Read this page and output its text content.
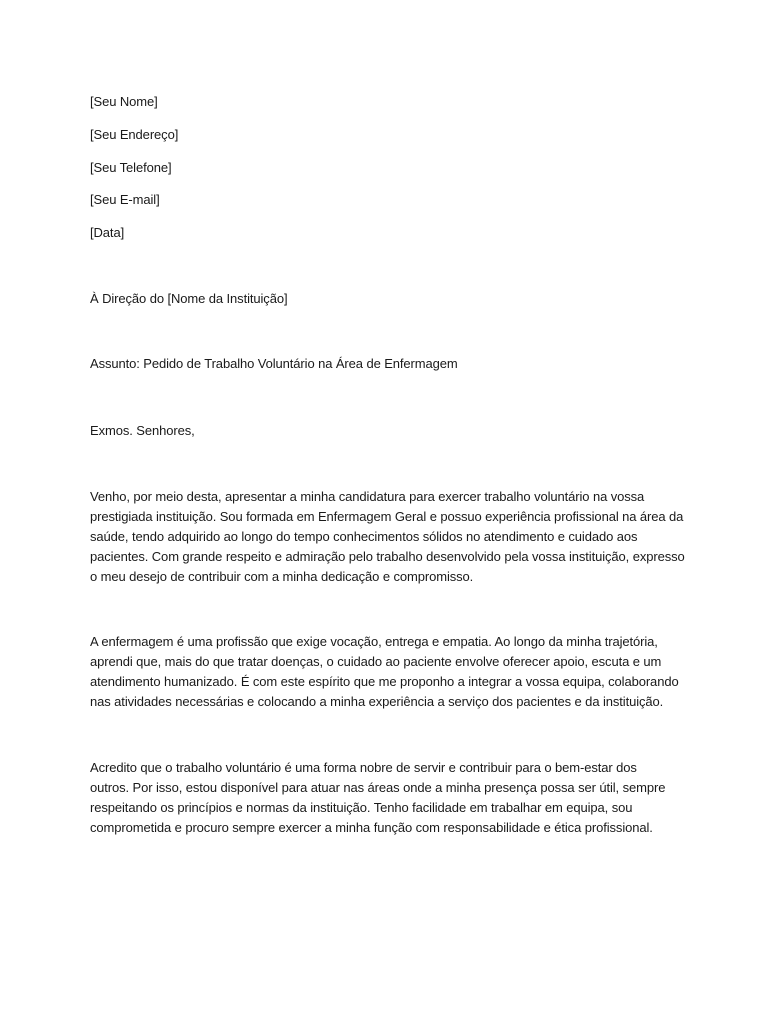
[Seu Nome]
[Seu Endereço]
[Seu Telefone]
[Seu E-mail]
[Data]
À Direção do [Nome da Instituição]
Assunto: Pedido de Trabalho Voluntário na Área de Enfermagem
Exmos. Senhores,

Venho, por meio desta, apresentar a minha candidatura para exercer trabalho voluntário na vossa
prestigiada instituição. Sou formada em Enfermagem Geral e possuo experiência profissional na área da
saúde, tendo adquirido ao longo do tempo conhecimentos sólidos no atendimento e cuidado aos
pacientes. Com grande respeito e admiração pelo trabalho desenvolvido pela vossa instituição, expresso
o meu desejo de contribuir com a minha dedicação e compromisso.

A enfermagem é uma profissão que exige vocação, entrega e empatia. Ao longo da minha trajetória,
aprendi que, mais do que tratar doenças, o cuidado ao paciente envolve oferecer apoio, escuta e um
atendimento humanizado. É com este espírito que me proponho a integrar a vossa equipa, colaborando
nas atividades necessárias e colocando a minha experiência a serviço dos pacientes e da instituição.

Acredito que o trabalho voluntário é uma forma nobre de servir e contribuir para o bem-estar dos
outros. Por isso, estou disponível para atuar nas áreas onde a minha presença possa ser útil, sempre
respeitando os princípios e normas da instituição. Tenho facilidade em trabalhar em equipa, sou
comprometida e procuro sempre exercer a minha função com responsabilidade e ética profissional.
